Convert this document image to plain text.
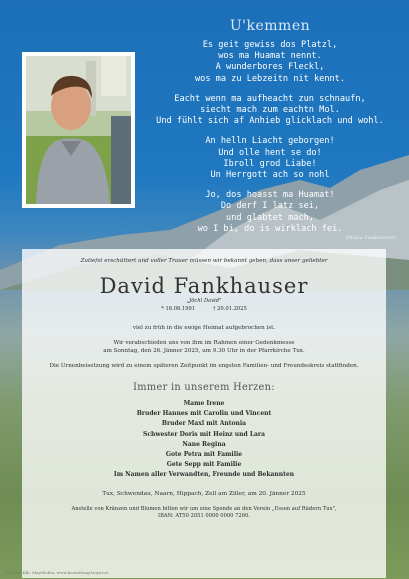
U'kemmen
Es geit gewiss dos Platzl,
wos ma Huamat nennt.
A wunderbores Fleckl,
wos ma zu Lebzeitn nit kennt.
Eacht wenn ma aufheacht zun schnaufn,
siecht mach zum eachtn Mol.
Und fühlt sich af Anhieb glicklach und wohl.
An helln Liacht geborgen!
Und olle hent se do!
Ibroll grod Liabe!
Un Herrgott ach so nohl
Jo, dos hoasst ma Huamat!
Do derf I latz sei,
und glabtet mach,
wo I bi, do is wirklach fei.
(Maria Fankhauser)
Zutiefst erschüttert und voller Trauer müssen wir bekannt geben, dass unser geliebter
David Fankhauser
„Jöchl David"
* 16.08.1991	† 20.01.2025
viel zu früh in die ewige Heimat aufgebrochen ist.
Wir verabschieden uns von ihm im Rahmen einer Gedenkmesse
am Sonntag, den 26. Jänner 2025, um 9.30 Uhr in der Pfarrkirche Tux.
Die Urnenbeisetzung wird zu einem späteren Zeitpunkt im engsten Familien- und Freundeskreis stattfinden.
Immer in unserem Herzen:
Mame Irene
Bruder Hannes mit Carolin und Vincent
Bruder Maxl mit Antonia
Schwester Doris mit Heinz und Lara
Nane Regina
Gote Petra mit Familie
Gete Sepp mit Familie
Im Namen aller Verwandten, Freunde und Bekannten
Tux, Schwendau, Naarn, Hippach, Zell am Ziller, am 20. Jänner 2025
Anstelle von Kränzen und Blumen bitten wir um eine Spende an den Verein „Essen auf Rädern Tux",
IBAN: AT50 2051 0000 0000 7260.
Ahrntal Kfb. Mayrhofen, www.bestattung-troyer.at
